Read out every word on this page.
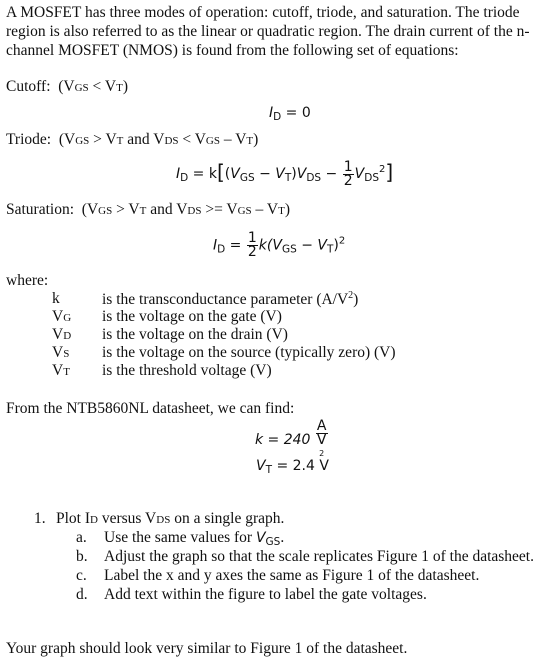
A MOSFET has three modes of operation: cutoff, triode, and saturation. The triode region is also referred to as the linear or quadratic region. The drain current of the n-channel MOSFET (NMOS) is found from the following set of equations:
Cutoff: (VGS < VT)
$I_D = 0$
Triode: (VGS > VT and VDS < VGS – VT)
$I_D = k[(V_{GS} - V_T)V_{DS} - \frac{1}{2} V_{DS}^2]$
Saturation: (VGS > VT and VDS >= VGS – VT)
$I_D = \frac{1}{2} k(V_{GS} - V_T)^2$
where:
k	is the transconductance parameter $(A/V^2)$
VG	is the voltage on the gate (V)
VD	is the voltage on the drain (V)
VS	is the voltage on the source (typically zero) (V)
VT	is the threshold voltage (V)
From the NTB5860NL datasheet, we can find:
k = 240 A
V
2
$V_T = 2.4$ V
1. Plot ID versus VDS on a single graph.
a. Use the same values for $V_{GS}$.
b. Adjust the graph so that the scale replicates Figure 1 of the datasheet.
c. Label the x and y axes the same as Figure 1 of the datasheet.
d. Add text within the figure to label the gate voltages.
Your graph should look very similar to Figure 1 of the datasheet.
